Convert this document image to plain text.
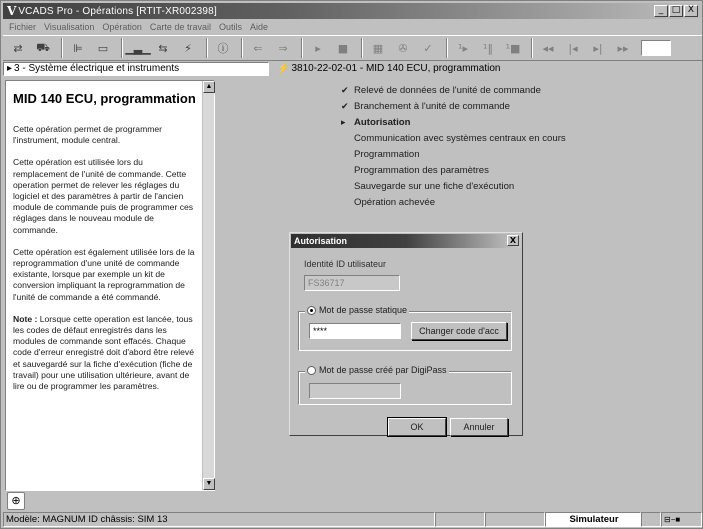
V VCADS Pro - Opérations [RTIT-XR002398]	_ □ X
Fichier Visualisation Opération Carte de travail Outils Aide
⇄	⛟	⊫	▭	▁▃▁ ⇆	⚡	ⓘ	⇐	⇒	▸	■	▦	✇	✓	¹▸	¹‖	¹■	◂◂	|◂	▸|	▸▸
▸ 3 - Système électrique et instruments	⚡ 3810-22-02-01 - MID 140 ECU, programmation
MID 140 ECU, programmation
Cette opération permet de programmer l'instrument, module central.
Cette opération est utilisée lors du remplacement de l'unité de commande. Cette operation permet de relever les réglages du logiciel et des paramètres à partir de l'ancien module de commande puis de programmer ces réglages dans le nouveau module de commande.
Cette opération est également utilisée lors de la reprogrammation d'une unité de commande existante, lorsque par exemple un kit de conversion impliquant la reprogrammation de l'unité de commande a été commandé.
Note : Lorsque cette operation est lancée, tous les codes de défaut enregistrés dans les modules de commande sont effacés. Chaque code d'erreur enregistré doit d'abord être relevé et sauvegardé sur la fiche d'exécution (fiche de travail) pour une utilisation ultérieure, avant de lire ou de programmer les paramètres.
▲
▼
⊕
✔ Relevé de données de l'unité de commande
✔ Branchement à l'unité de commande
▸ Autorisation
Communication avec systèmes centraux en cours
Programmation
Programmation des paramètres
Sauvegarde sur une fiche d'exécution
Opération achevée
Autorisation	X
Identité ID utilisateur
FS36717
Mot de passe statique
****	Changer code d'acc
Mot de passe créé par DigiPass
OK	Annuler
Modèle: MAGNUM ID châssis: SIM 13	Simulateur	⊟−■
